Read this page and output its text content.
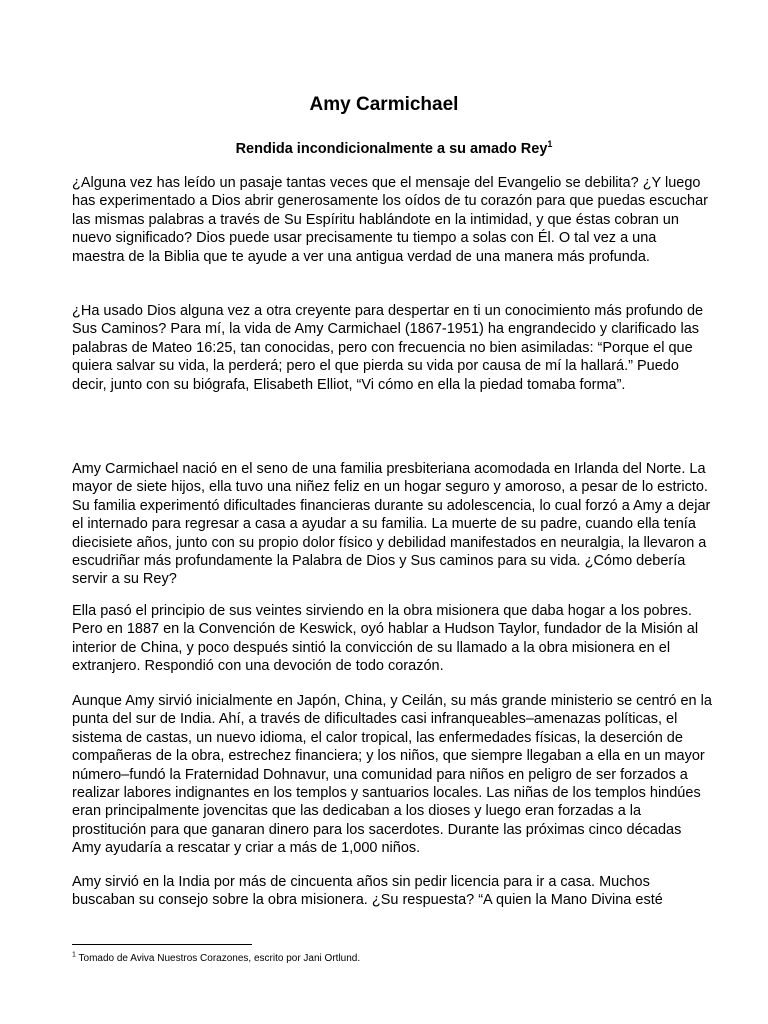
Amy Carmichael
Rendida incondicionalmente a su amado Rey$^1$

¿Alguna vez has leído un pasaje tantas veces que el mensaje del Evangelio se debilita? ¿Y luego has experimentado a Dios abrir generosamente los oídos de tu corazón para que puedas escuchar las mismas palabras a través de Su Espíritu hablándote en la intimidad, y que éstas cobran un nuevo significado? Dios puede usar precisamente tu tiempo a solas con Él. O tal vez a una maestra de la Biblia que te ayude a ver una antigua verdad de una manera más profunda.

¿Ha usado Dios alguna vez a otra creyente para despertar en ti un conocimiento más profundo de Sus Caminos? Para mí, la vida de Amy Carmichael (1867-1951) ha engrandecido y clarificado las palabras de Mateo 16:25, tan conocidas, pero con frecuencia no bien asimiladas: “Porque el que quiera salvar su vida, la perderá; pero el que pierda su vida por causa de mí la hallará.” Puedo decir, junto con su biógrafa, Elisabeth Elliot, “Vi cómo en ella la piedad tomaba forma”.

Amy Carmichael nació en el seno de una familia presbiteriana acomodada en Irlanda del Norte. La mayor de siete hijos, ella tuvo una niñez feliz en un hogar seguro y amoroso, a pesar de lo estricto. Su familia experimentó dificultades financieras durante su adolescencia, lo cual forzó a Amy a dejar el internado para regresar a casa a ayudar a su familia. La muerte de su padre, cuando ella tenía diecisiete años, junto con su propio dolor físico y debilidad manifestados en neuralgia, la llevaron a escudriñar más profundamente la Palabra de Dios y Sus caminos para su vida. ¿Cómo debería servir a su Rey?

Ella pasó el principio de sus veintes sirviendo en la obra misionera que daba hogar a los pobres. Pero en 1887 en la Convención de Keswick, oyó hablar a Hudson Taylor, fundador de la Misión al interior de China, y poco después sintió la convicción de su llamado a la obra misionera en el extranjero. Respondió con una devoción de todo corazón.

Aunque Amy sirvió inicialmente en Japón, China, y Ceilán, su más grande ministerio se centró en la punta del sur de India. Ahí, a través de dificultades casi infranqueables–amenazas políticas, el sistema de castas, un nuevo idioma, el calor tropical, las enfermedades físicas, la deserción de compañeras de la obra, estrechez financiera; y los niños, que siempre llegaban a ella en un mayor número–fundó la Fraternidad Dohnavur, una comunidad para niños en peligro de ser forzados a realizar labores indignantes en los templos y santuarios locales. Las niñas de los templos hindúes eran principalmente jovencitas que las dedicaban a los dioses y luego eran forzadas a la prostitución para que ganaran dinero para los sacerdotes. Durante las próximas cinco décadas Amy ayudaría a rescatar y criar a más de 1,000 niños.

Amy sirvió en la India por más de cincuenta años sin pedir licencia para ir a casa. Muchos buscaban su consejo sobre la obra misionera. ¿Su respuesta? “A quien la Mano Divina esté

$^1$ Tomado de Aviva Nuestros Corazones, escrito por Jani Ortlund.
